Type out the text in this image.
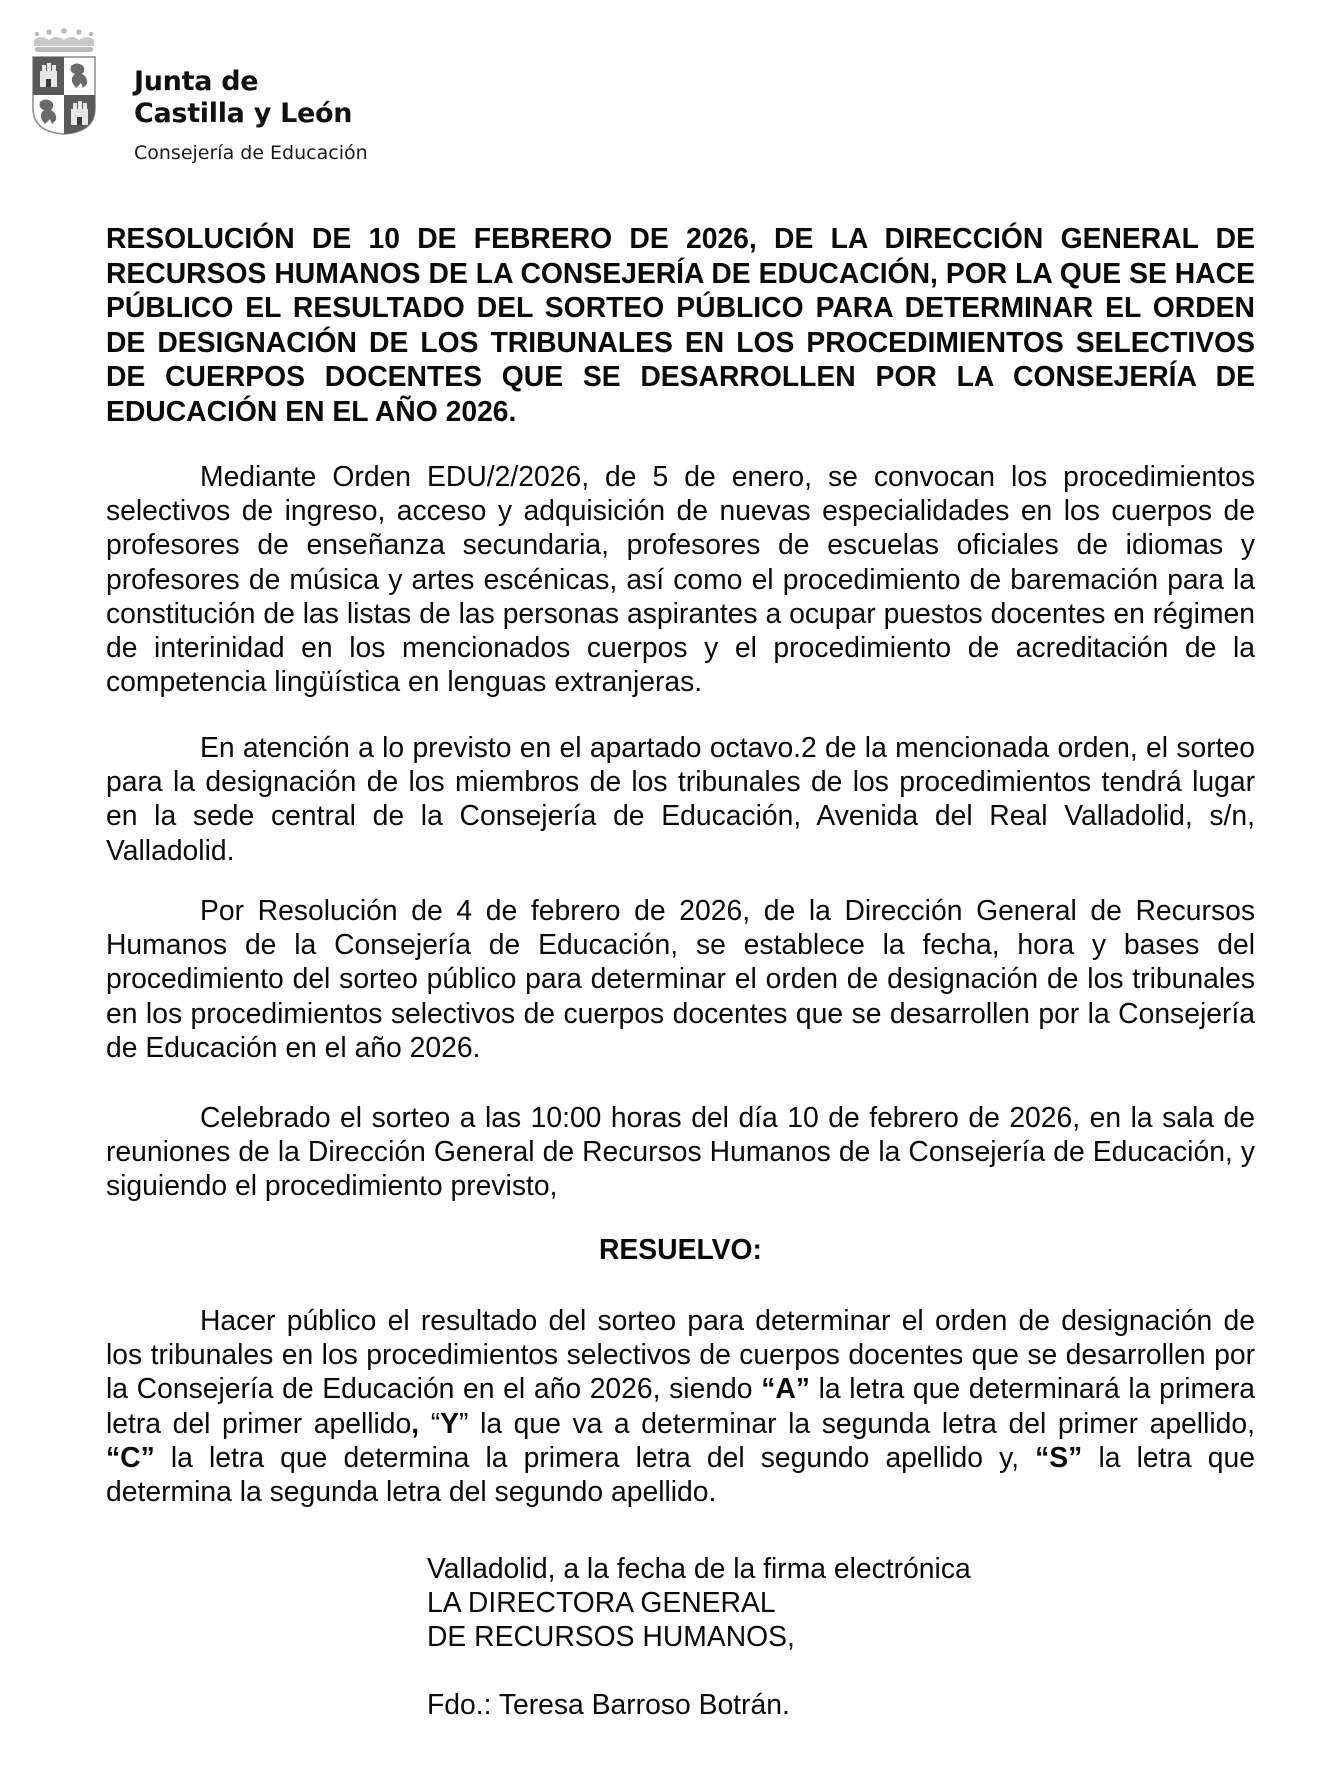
Junta de
Castilla y León
Consejería de Educación
RESOLUCIÓN DE 10 DE FEBRERO DE 2026, DE LA DIRECCIÓN GENERAL DE RECURSOS HUMANOS DE LA CONSEJERÍA DE EDUCACIÓN, POR LA QUE SE HACE PÚBLICO EL RESULTADO DEL SORTEO PÚBLICO PARA DETERMINAR EL ORDEN DE DESIGNACIÓN DE LOS TRIBUNALES EN LOS PROCEDIMIENTOS SELECTIVOS DE CUERPOS DOCENTES QUE SE DESARROLLEN POR LA CONSEJERÍA DE EDUCACIÓN EN EL AÑO 2026.
Mediante Orden EDU/2/2026, de 5 de enero, se convocan los procedimientos selectivos de ingreso, acceso y adquisición de nuevas especialidades en los cuerpos de profesores de enseñanza secundaria, profesores de escuelas oficiales de idiomas y profesores de música y artes escénicas, así como el procedimiento de baremación para la constitución de las listas de las personas aspirantes a ocupar puestos docentes en régimen de interinidad en los mencionados cuerpos y el procedimiento de acreditación de la competencia lingüística en lenguas extranjeras.
En atención a lo previsto en el apartado octavo.2 de la mencionada orden, el sorteo para la designación de los miembros de los tribunales de los procedimientos tendrá lugar en la sede central de la Consejería de Educación, Avenida del Real Valladolid, s/n, Valladolid.
Por Resolución de 4 de febrero de 2026, de la Dirección General de Recursos Humanos de la Consejería de Educación, se establece la fecha, hora y bases del procedimiento del sorteo público para determinar el orden de designación de los tribunales en los procedimientos selectivos de cuerpos docentes que se desarrollen por la Consejería de Educación en el año 2026.
Celebrado el sorteo a las 10:00 horas del día 10 de febrero de 2026, en la sala de reuniones de la Dirección General de Recursos Humanos de la Consejería de Educación, y siguiendo el procedimiento previsto,
RESUELVO:
Hacer público el resultado del sorteo para determinar el orden de designación de los tribunales en los procedimientos selectivos de cuerpos docentes que se desarrollen por la Consejería de Educación en el año 2026, siendo “A” la letra que determinará la primera letra del primer apellido, “Y” la que va a determinar la segunda letra del primer apellido, “C” la letra que determina la primera letra del segundo apellido y, “S” la letra que determina la segunda letra del segundo apellido.
Valladolid, a la fecha de la firma electrónica
LA DIRECTORA GENERAL
DE RECURSOS HUMANOS,
Fdo.: Teresa Barroso Botrán.
